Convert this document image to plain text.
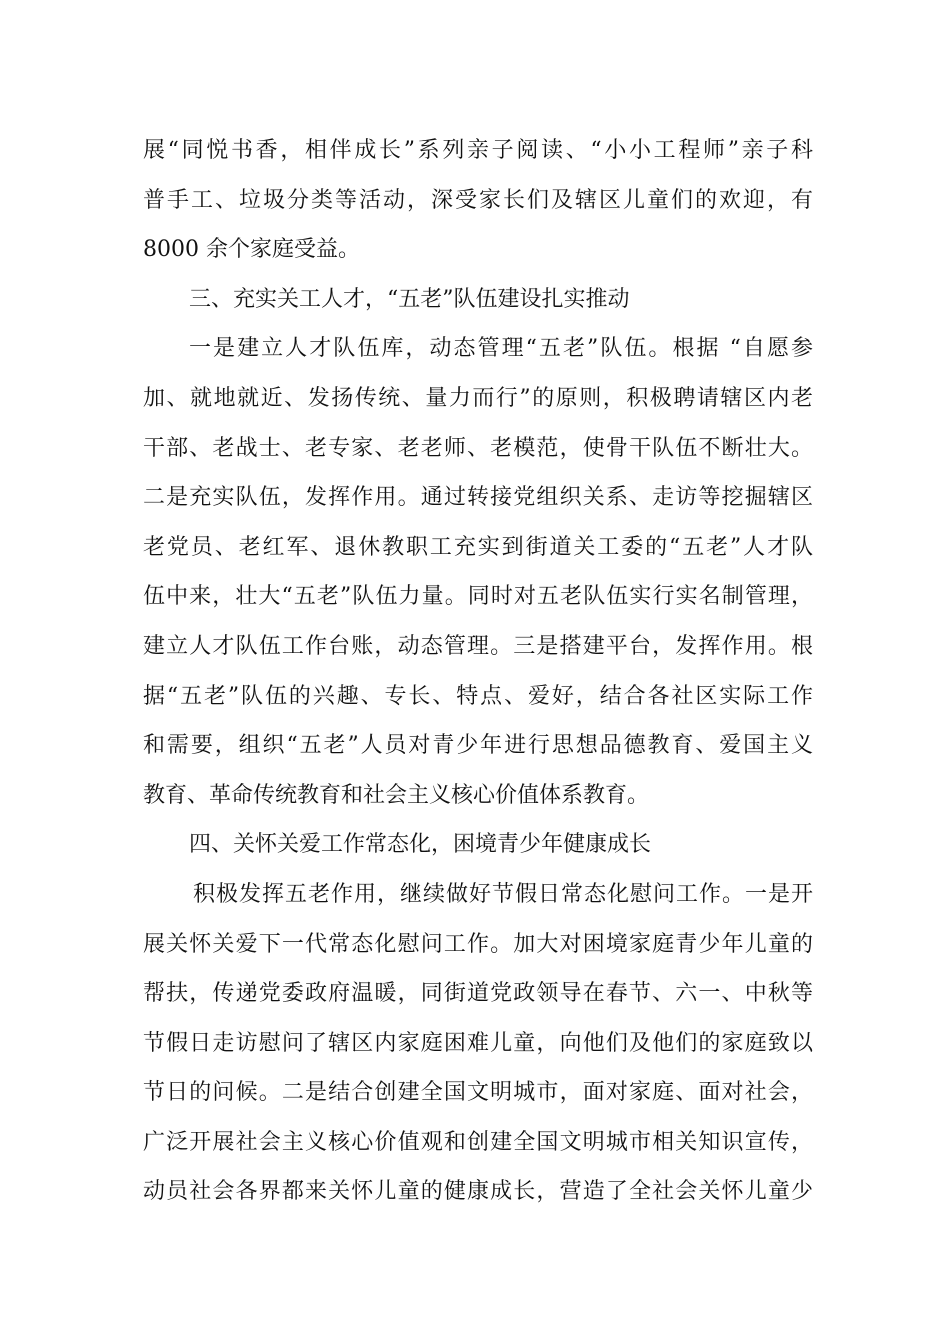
展“同悦书香，相伴成长”系列亲子阅读、“小小工程师”亲子科
普手工、垃圾分类等活动，深受家长们及辖区儿童们的欢迎，有
8000 余个家庭受益。
三、充实关工人才，“五老”队伍建设扎实推动
一是建立人才队伍库，动态管理“五老”队伍。根据 “自愿参
加、就地就近、发扬传统、量力而行”的原则，积极聘请辖区内老
干部、老战士、老专家、老老师、老模范，使骨干队伍不断壮大。
二是充实队伍，发挥作用。通过转接党组织关系、走访等挖掘辖区
老党员、老红军、退休教职工充实到街道关工委的“五老”人才队
伍中来，壮大“五老”队伍力量。同时对五老队伍实行实名制管理，
建立人才队伍工作台账，动态管理。三是搭建平台，发挥作用。根
据“五老”队伍的兴趣、专长、特点、爱好，结合各社区实际工作
和需要，组织“五老”人员对青少年进行思想品德教育、爱国主义
教育、革命传统教育和社会主义核心价值体系教育。
四、关怀关爱工作常态化，困境青少年健康成长
积极发挥五老作用，继续做好节假日常态化慰问工作。一是开
展关怀关爱下一代常态化慰问工作。加大对困境家庭青少年儿童的
帮扶，传递党委政府温暖，同街道党政领导在春节、六一、中秋等
节假日走访慰问了辖区内家庭困难儿童，向他们及他们的家庭致以
节日的问候。二是结合创建全国文明城市，面对家庭、面对社会，
广泛开展社会主义核心价值观和创建全国文明城市相关知识宣传，
动员社会各界都来关怀儿童的健康成长，营造了全社会关怀儿童少
